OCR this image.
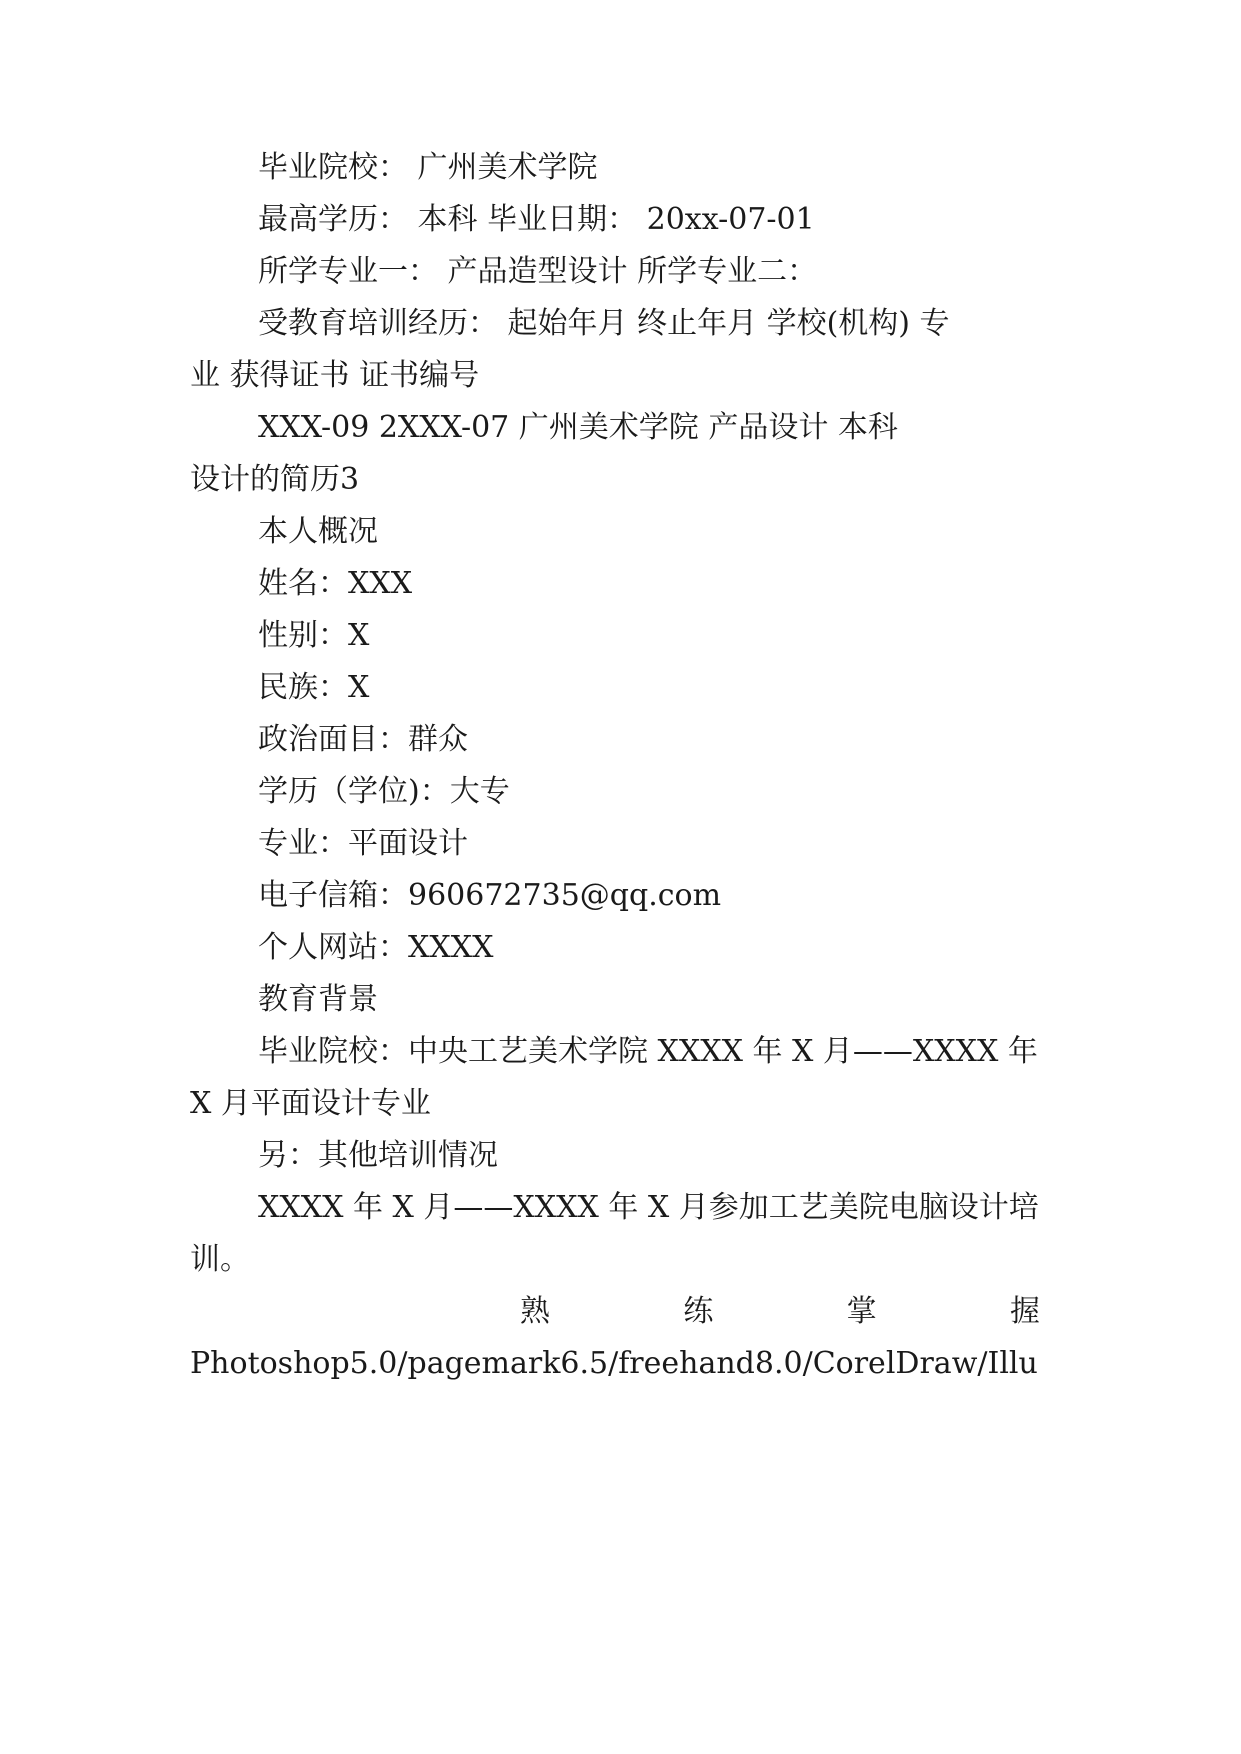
毕业院校： 广州美术学院

最高学历： 本科 毕业日期： 20xx-07-01

所学专业一： 产品造型设计 所学专业二：

受教育培训经历： 起始年月 终止年月 学校(机构) 专

业 获得证书 证书编号

XXX-09 2XXX-07 广州美术学院 产品设计 本科

设计的简历3

本人概况

姓名：XXX

性别：X

民族：X

政治面目：群众

学历（学位)：大专

专业：平面设计

电子信箱：960672735@qq.com

个人网站：XXXX

教育背景

毕业院校：中央工艺美术学院 XXXX 年 X 月——XXXX 年

X 月平面设计专业

另：其他培训情况

XXXX 年 X 月——XXXX 年 X 月参加工艺美院电脑设计培

训。

熟	练	掌	握

Photoshop5.0/pagemark6.5/freehand8.0/CorelDraw/Illu
